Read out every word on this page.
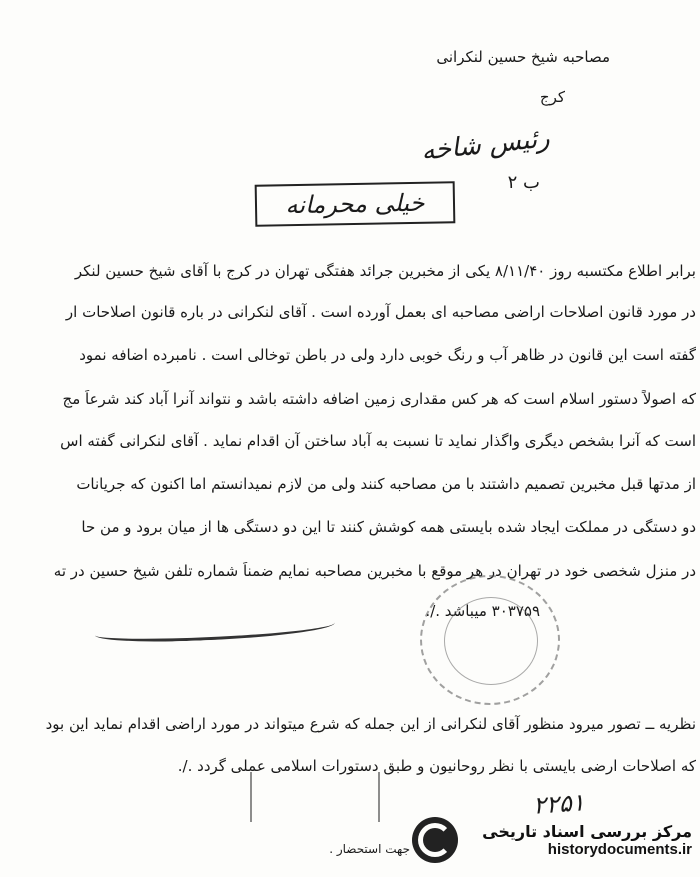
مصاحبه شیخ حسین لنکرانی
کرج
رئیس شاخه
ب ۲
خیلی محرمانه
برابر اطلاع مکتسبه روز ۸/۱۱/۴۰ یکی از مخبرین جرائد هفتگی تهران در کرج با آقای شیخ حسین لنکر
در مورد قانون اصلاحات اراضی مصاحبه ای بعمل آورده است . آقای لنکرانی در باره قانون اصلاحات ار
گفته است این قانون در ظاهر آب و رنگ خوبی دارد ولی در باطن توخالی است . نامبرده اضافه نمود
که اصولاً دستور اسلام است که هر کس مقداری زمین اضافه داشته باشد و نتواند آنرا آباد کند شرعاً مج
است که آنرا بشخص دیگری واگذار نماید تا نسبت به آباد ساختن آن اقدام نماید . آقای لنکرانی گفته اس
از مدتها قبل مخبرین تصمیم داشتند با من مصاحبه کنند ولی من لازم نمیدانستم اما اکنون که جریانات
دو دستگی در مملکت ایجاد شده بایستی همه کوشش کنند تا این دو دستگی ها از میان برود و من حا
در منزل شخصی خود در تهران در هر موقع با مخبرین مصاحبه نمایم ضمناً شماره تلفن شیخ حسین در ته
۳۰۳۷۵۹ میباشد ./.
نظریه ــ تصور میرود منظور آقای لنکرانی از این جمله که شرع میتواند در مورد اراضی اقدام نماید این بود
که اصلاحات ارضی بایستی با نظر روحانیون و طبق دستورات اسلامی عملی گردد ./.
۲۲۵۱
جهت استحضار .
مرکز بررسی اسناد تاریخی
historydocuments.ir
